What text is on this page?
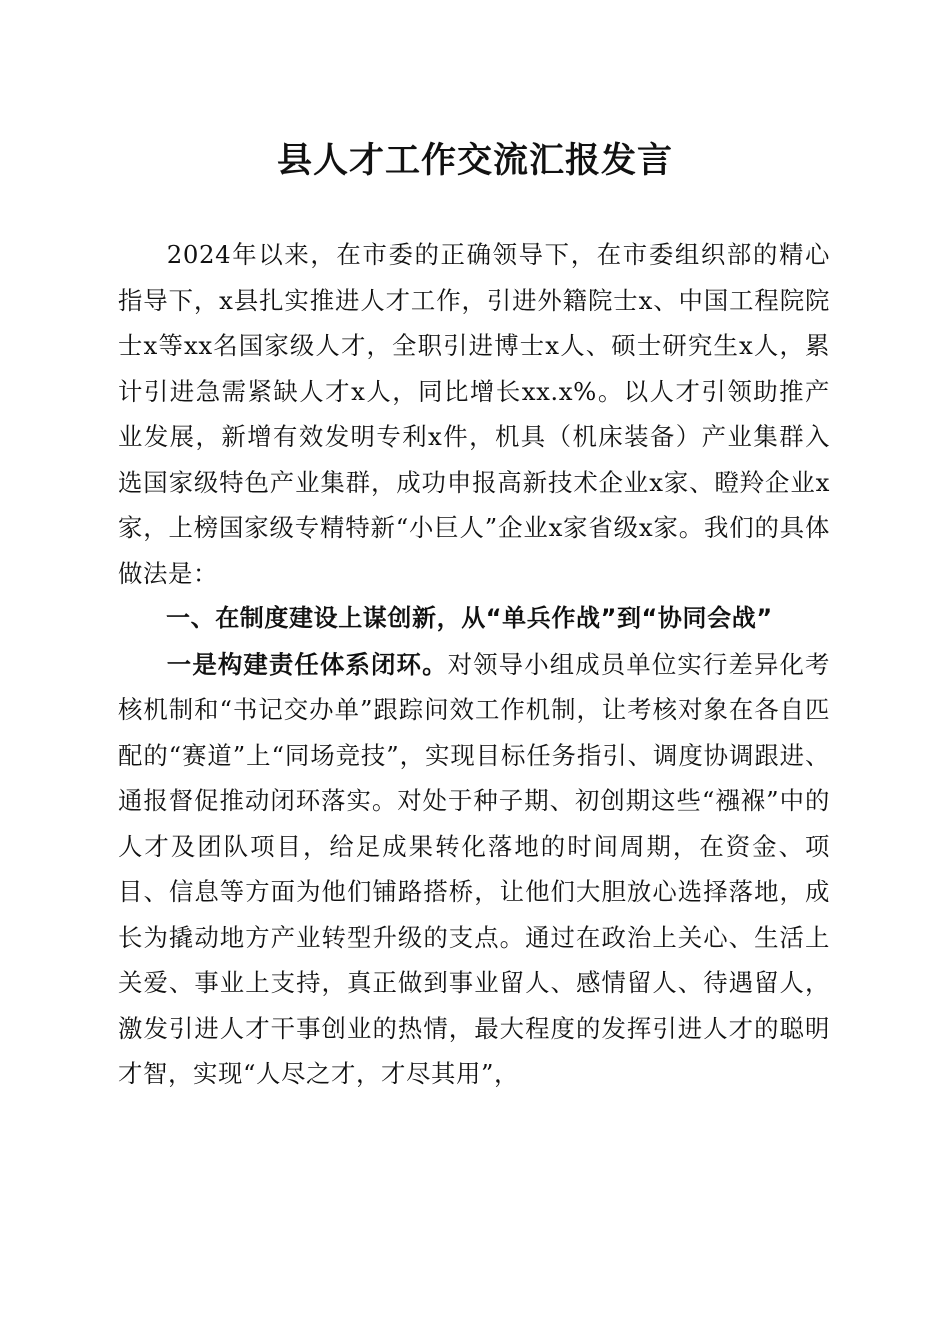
县人才工作交流汇报发言

2024年以来，在市委的正确领导下，在市委组织部的精心指导下，x县扎实推进人才工作，引进外籍院士x、中国工程院院士x等xx名国家级人才，全职引进博士x人、硕士研究生x人，累计引进急需紧缺人才x人，同比增长xx.x%。以人才引领助推产业发展，新增有效发明专利x件，机具（机床装备）产业集群入选国家级特色产业集群，成功申报高新技术企业x家、瞪羚企业x家，上榜国家级专精特新“小巨人”企业x家省级x家。我们的具体做法是：

一、在制度建设上谋创新，从“单兵作战”到“协同会战”

一是构建责任体系闭环。对领导小组成员单位实行差异化考核机制和“书记交办单”跟踪问效工作机制，让考核对象在各自匹配的“赛道”上“同场竞技”，实现目标任务指引、调度协调跟进、通报督促推动闭环落实。对处于种子期、初创期这些“襁褓”中的人才及团队项目，给足成果转化落地的时间周期，在资金、项目、信息等方面为他们铺路搭桥，让他们大胆放心选择落地，成长为撬动地方产业转型升级的支点。通过在政治上关心、生活上关爱、事业上支持，真正做到事业留人、感情留人、待遇留人，激发引进人才干事创业的热情，最大程度的发挥引进人才的聪明才智，实现“人尽之才，才尽其用”，
